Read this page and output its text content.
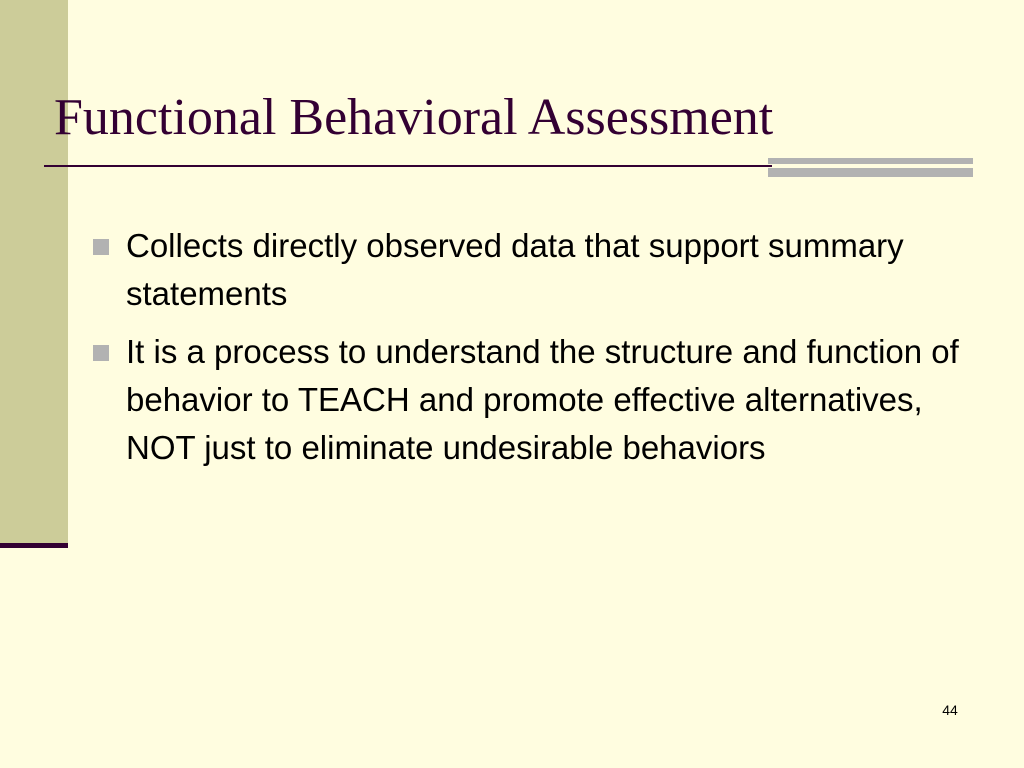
Functional Behavioral Assessment
Collects directly observed data that support summary statements
It is a process to understand the structure and function of behavior to TEACH and promote effective alternatives, NOT just to eliminate undesirable behaviors
44
